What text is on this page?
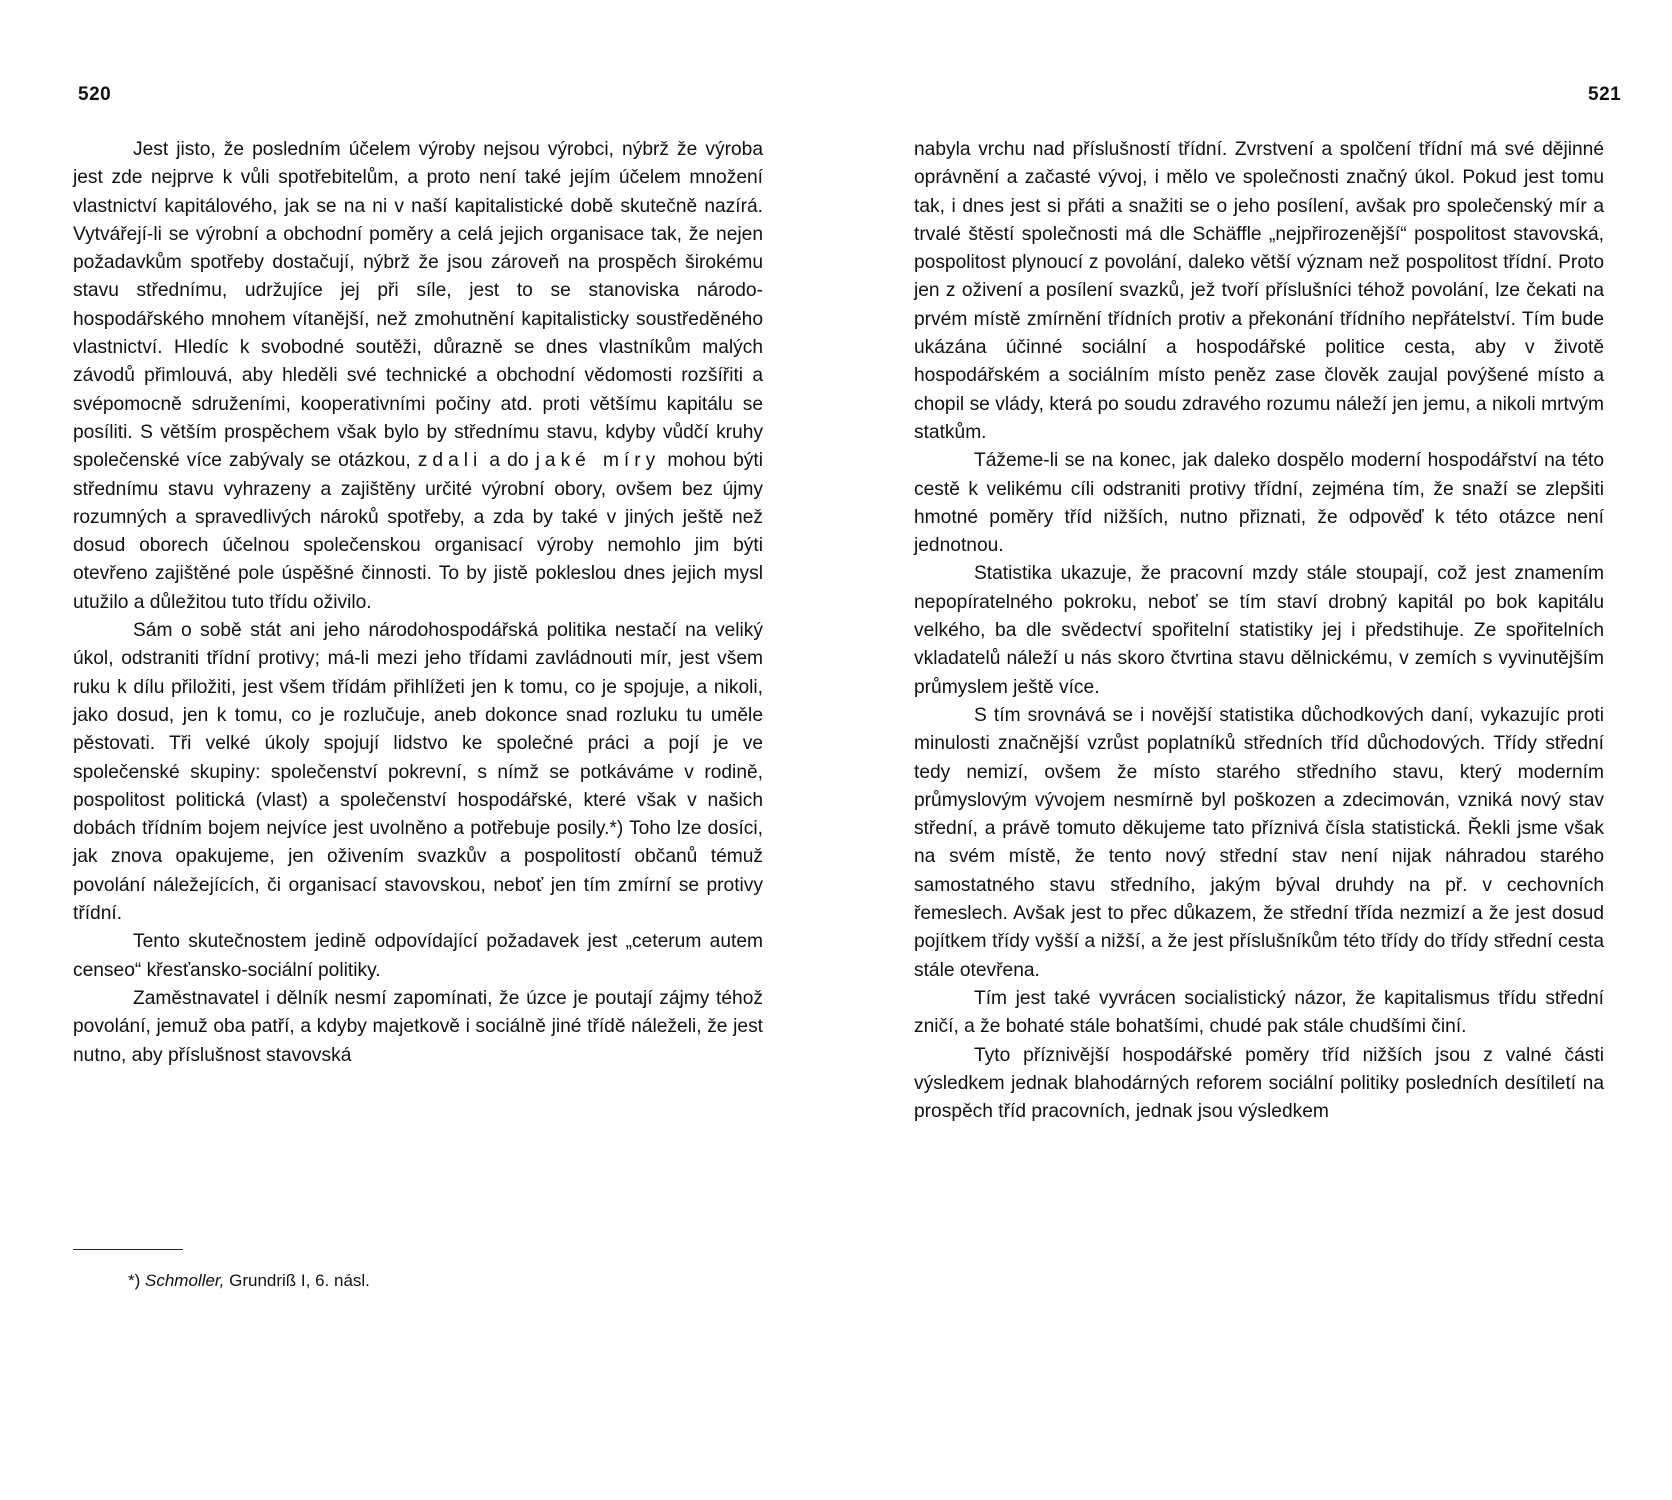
520

Jest jisto, že posledním účelem výroby nejsou výrobci, nýbrž že výroba jest zde nejprve k vůli spotřebitelům, a proto není také jejím účelem množení vlastnictví kapitálového, jak se na ni v naší kapitalistické době skutečně nazírá. Vytvářejí-li se výrobní a obchodní poměry a celá jejich organisace tak, že nejen požadavkům spotřeby dostačují, nýbrž že jsou zároveň na prospěch širokému stavu střednímu, udržujíce jej při síle, jest to se stanoviska národo-hospodářského mnohem vítanější, než zmohutnění kapitalisticky soustředěného vlastnictví. Hledíc k svobodné soutěži, důrazně se dnes vlastníkům malých závodů přimlouvá, aby hleděli své technické a obchodní vědomosti rozšířiti a svépomocně sdruženími, kooperativními počiny atd. proti většímu kapitálu se posíliti. S větším prospěchem však bylo by střednímu stavu, kdyby vůdčí kruhy společenské více zabývaly se otázkou, zdali a do jaké míry mohou býti střednímu stavu vyhrazeny a zajištěny určité výrobní obory, ovšem bez újmy rozumných a spravedlivých nároků spotřeby, a zda by také v jiných ještě než dosud oborech účelnou společenskou organisací výroby nemohlo jim býti otevřeno zajištěné pole úspěšné činnosti. To by jistě pokleslou dnes jejich mysl utužilo a důležitou tuto třídu oživilo.

Sám o sobě stát ani jeho národohospodářská politika nestačí na veliký úkol, odstraniti třídní protivy; má-li mezi jeho třídami zavládnouti mír, jest všem ruku k dílu přiložiti, jest všem třídám přihlížeti jen k tomu, co je spojuje, a nikoli, jako dosud, jen k tomu, co je rozlučuje, aneb dokonce snad rozluku tu uměle pěstovati. Tři velké úkoly spojují lidstvo ke společné práci a pojí je ve společenské skupiny: společenství pokrevní, s nímž se potkáváme v rodině, pospolitost politická (vlast) a společenství hospodářské, které však v našich dobách třídním bojem nejvíce jest uvolněno a potřebuje posily.*) Toho lze dosíci, jak znova opakujeme, jen oživením svazkův a pospolitostí občanů témuž povolání náležejících, či organisací stavovskou, neboť jen tím zmírní se protivy třídní.

Tento skutečnostem jedině odpovídající požadavek jest „ceterum autem censeo“ křesťansko-sociální politiky.

Zaměstnavatel i dělník nesmí zapomínati, že úzce je poutají zájmy téhož povolání, jemuž oba patří, a kdyby majetkově i sociálně jiné třídě náleželi, že jest nutno, aby příslušnost stavovská

*) Schmoller, Grundriß I, 6. násl.
521

nabyla vrchu nad příslušností třídní. Zvrstvení a spolčení třídní má své dějinné oprávnění a začasté vývoj, i mělo ve společnosti značný úkol. Pokud jest tomu tak, i dnes jest si přáti a snažiti se o jeho posílení, avšak pro společenský mír a trvalé štěstí společnosti má dle Schäffle „nejpřirozenější“ pospolitost stavovská, pospolitost plynoucí z povolání, daleko větší význam než pospolitost třídní. Proto jen z oživení a posílení svazků, jež tvoří příslušníci téhož povolání, lze čekati na prvém místě zmírnění třídních protiv a překonání třídního nepřátelství. Tím bude ukázána účinné sociální a hospodářské politice cesta, aby v životě hospodářském a sociálním místo peněz zase člověk zaujal povýšené místo a chopil se vlády, která po soudu zdravého rozumu náleží jen jemu, a nikoli mrtvým statkům.

Tážeme-li se na konec, jak daleko dospělo moderní hospodářství na této cestě k velikému cíli odstraniti protivy třídní, zejména tím, že snaží se zlepšiti hmotné poměry tříd nižších, nutno přiznati, že odpověď k této otázce není jednotnou.

Statistika ukazuje, že pracovní mzdy stále stoupají, což jest znamením nepopíratelného pokroku, neboť se tím staví drobný kapitál po bok kapitálu velkého, ba dle svědectví spořitelní statistiky jej i předstihuje. Ze spořitelních vkladatelů náleží u nás skoro čtvrtina stavu dělnickému, v zemích s vyvinutějším průmyslem ještě více.

S tím srovnává se i novější statistika důchodkových daní, vykazujíc proti minulosti značnější vzrůst poplatníků středních tříd důchodových. Třídy střední tedy nemizí, ovšem že místo starého středního stavu, který moderním průmyslovým vývojem nesmírně byl poškozen a zdecimován, vzniká nový stav střední, a právě tomuto děkujeme tato příznivá čísla statistická. Řekli jsme však na svém místě, že tento nový střední stav není nijak náhradou starého samostatného stavu středního, jakým býval druhdy na př. v cechovních řemeslech. Avšak jest to přec důkazem, že střední třída nezmizí a že jest dosud pojítkem třídy vyšší a nižší, a že jest příslušníkům této třídy do třídy střední cesta stále otevřena.

Tím jest také vyvrácen socialistický názor, že kapitalismus třídu střední zničí, a že bohaté stále bohatšími, chudé pak stále chudšími činí.

Tyto příznivější hospodářské poměry tříd nižších jsou z valné části výsledkem jednak blahodárných reforem sociální politiky posledních desítiletí na prospěch tříd pracovních, jednak jsou výsledkem
